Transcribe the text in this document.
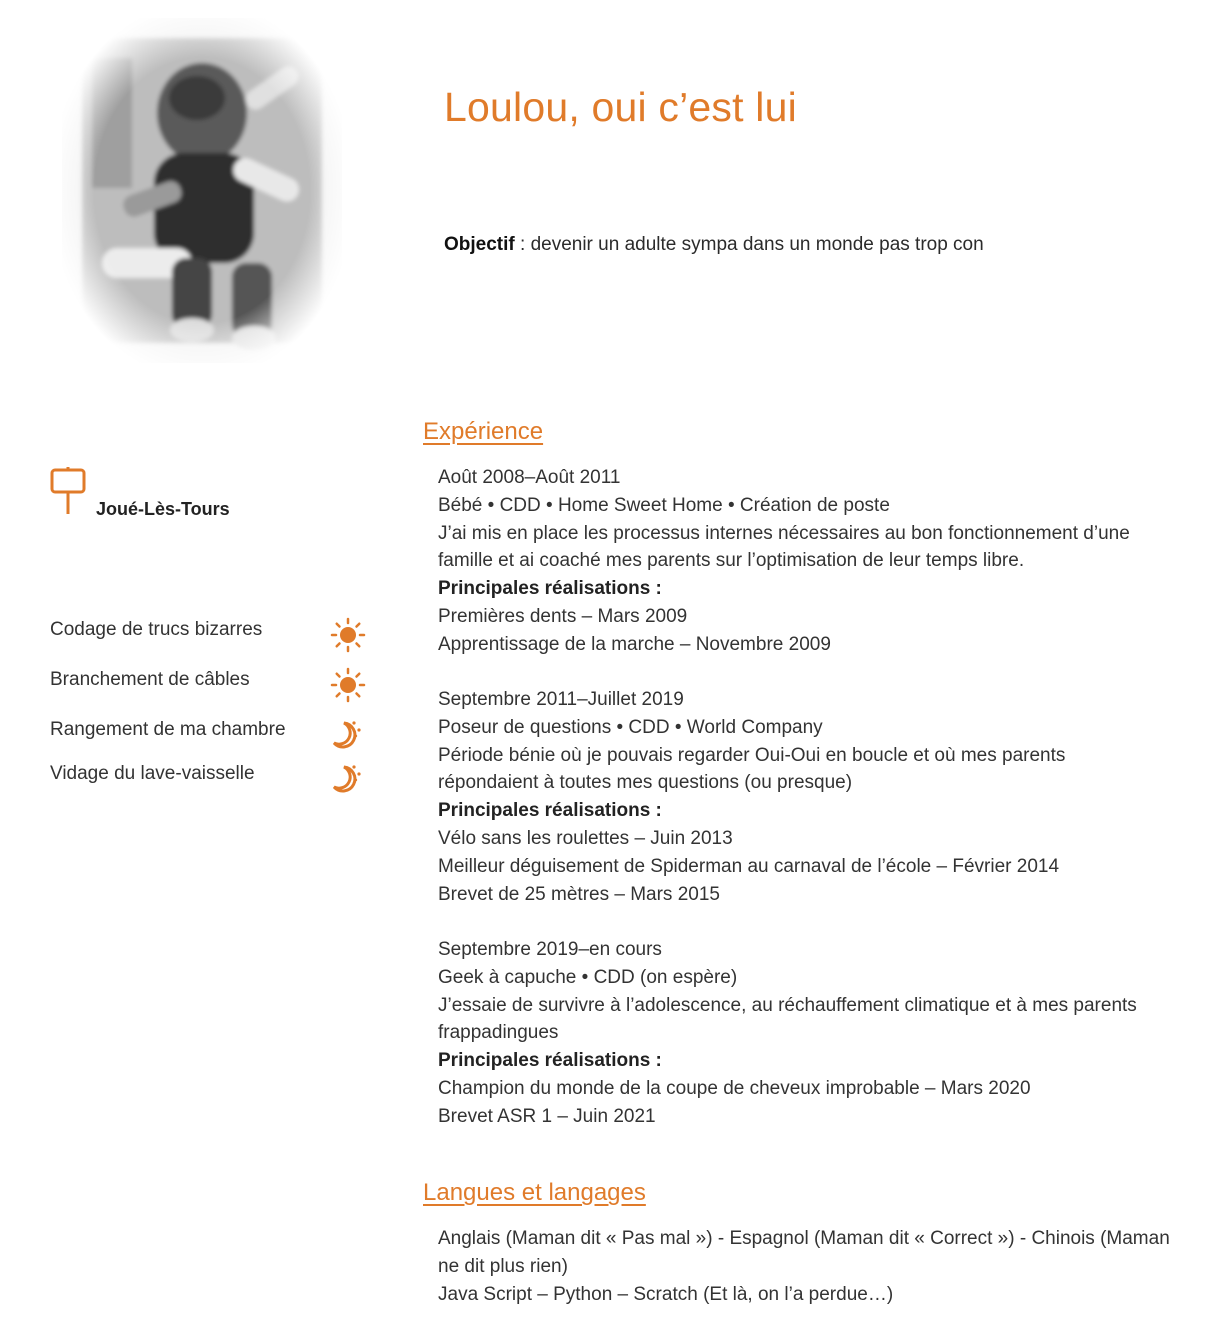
Loulou, oui c’est lui
Objectif : devenir un adulte sympa dans un monde pas trop con
Joué-Lès-Tours
Codage de trucs bizarres
Branchement de câbles
Rangement de ma chambre
Vidage du lave-vaisselle
Expérience
Août 2008–Août 2011
Bébé • CDD • Home Sweet Home • Création de poste
J’ai mis en place les processus internes nécessaires au bon fonctionnement d’une famille et ai coaché mes parents sur l’optimisation de leur temps libre.
Principales réalisations :
Premières dents – Mars 2009
Apprentissage de la marche – Novembre 2009
Septembre 2011–Juillet 2019
Poseur de questions • CDD • World Company
Période bénie où je pouvais regarder Oui-Oui en boucle et où mes parents répondaient à toutes mes questions (ou presque)
Principales réalisations :
Vélo sans les roulettes – Juin 2013
Meilleur déguisement de Spiderman au carnaval de l’école – Février 2014
Brevet de 25 mètres – Mars 2015
Septembre 2019–en cours
Geek à capuche • CDD (on espère)
J’essaie de survivre à l’adolescence, au réchauffement climatique et à mes parents frappadingues
Principales réalisations :
Champion du monde de la coupe de cheveux improbable – Mars 2020
Brevet ASR 1 – Juin 2021
Langues et langages
Anglais (Maman dit « Pas mal ») - Espagnol (Maman dit « Correct ») - Chinois (Maman ne dit plus rien)
Java Script – Python – Scratch (Et là, on l’a perdue…)
